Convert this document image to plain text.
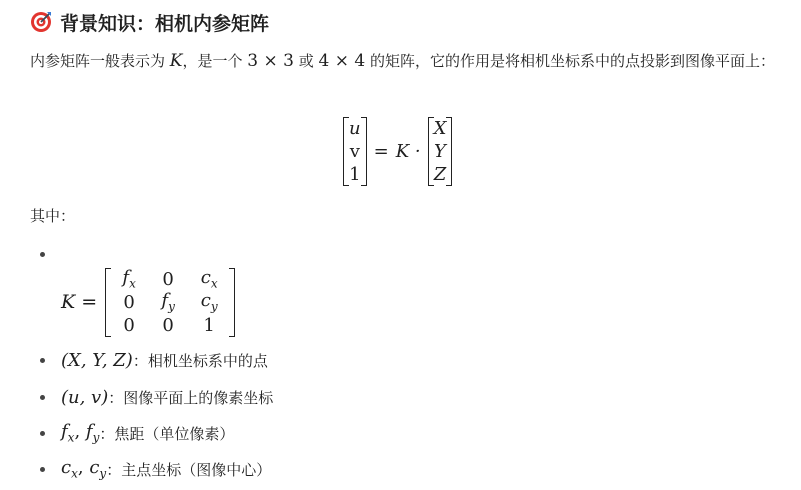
背景知识：相机内参矩阵
内参矩阵一般表示为 K，是一个 3 × 3 或 4 × 4 的矩阵，它的作用是将相机坐标系中的点投影到图像平面上：
u
v
1
= K ·
X
Y
Z
其中：
K =
$f_x$ 0 $c_x$
0 $f_y$ $c_y$
0 0 1
(X, Y, Z) ： 相机坐标系中的点
(u, v) ： 图像平面上的像素坐标
$f_x$, $f_y$ ： 焦距（单位像素）
$c_x$, $c_y$ ： 主点坐标（图像中心）
